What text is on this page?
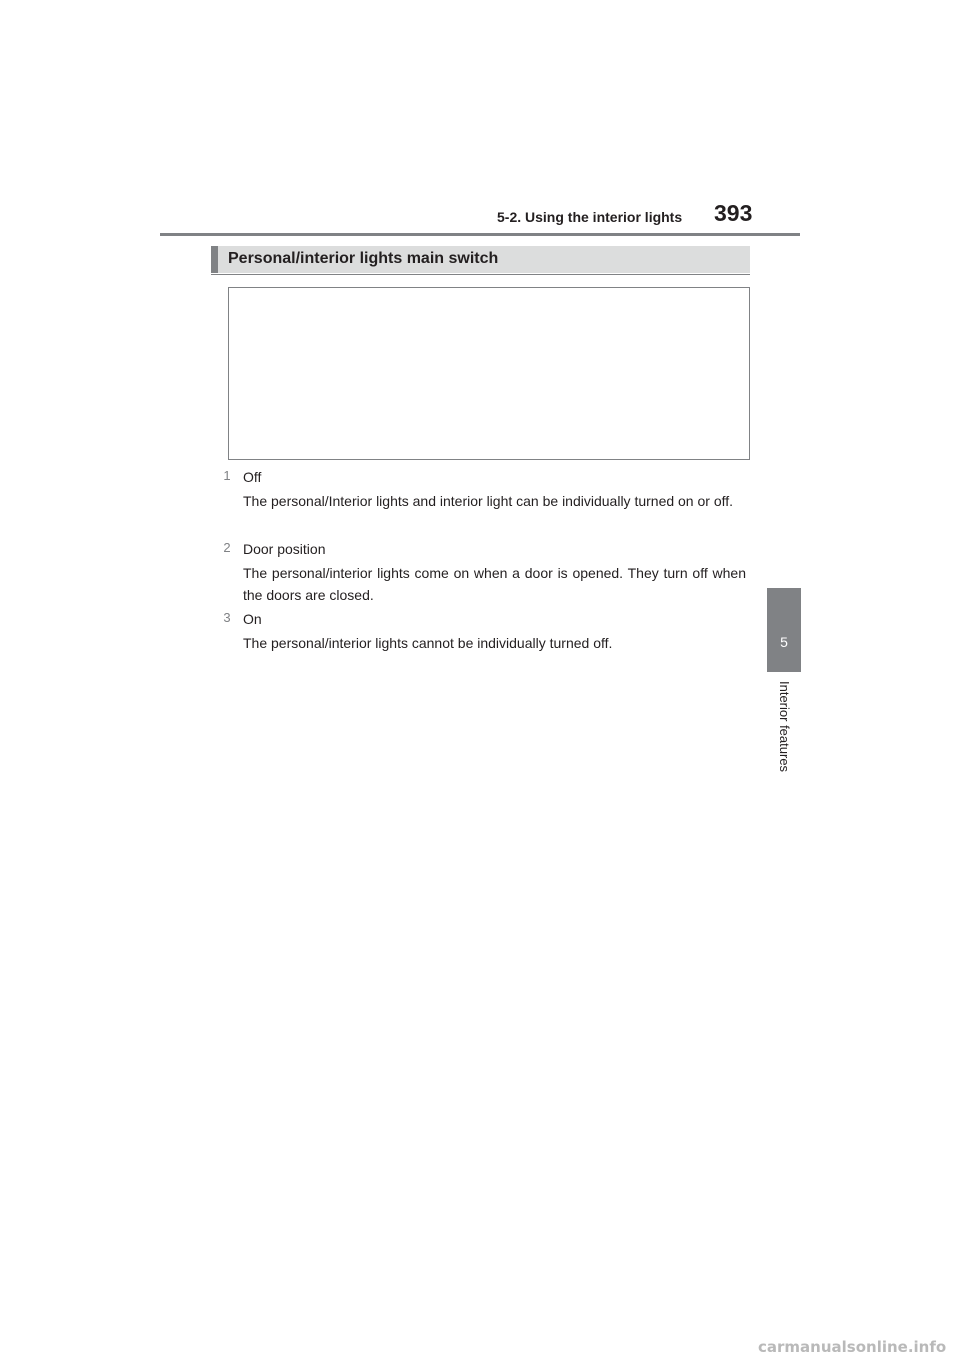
5-2. Using the interior lights 393
Personal/interior lights main switch
1 Off
The personal/Interior lights and interior light can be individually turned on or off.
2 Door position
The personal/interior lights come on when a door is opened. They turn off when the doors are closed.
3 On
The personal/interior lights cannot be individually turned off.	5
Interior features
carmanualsonline.info
